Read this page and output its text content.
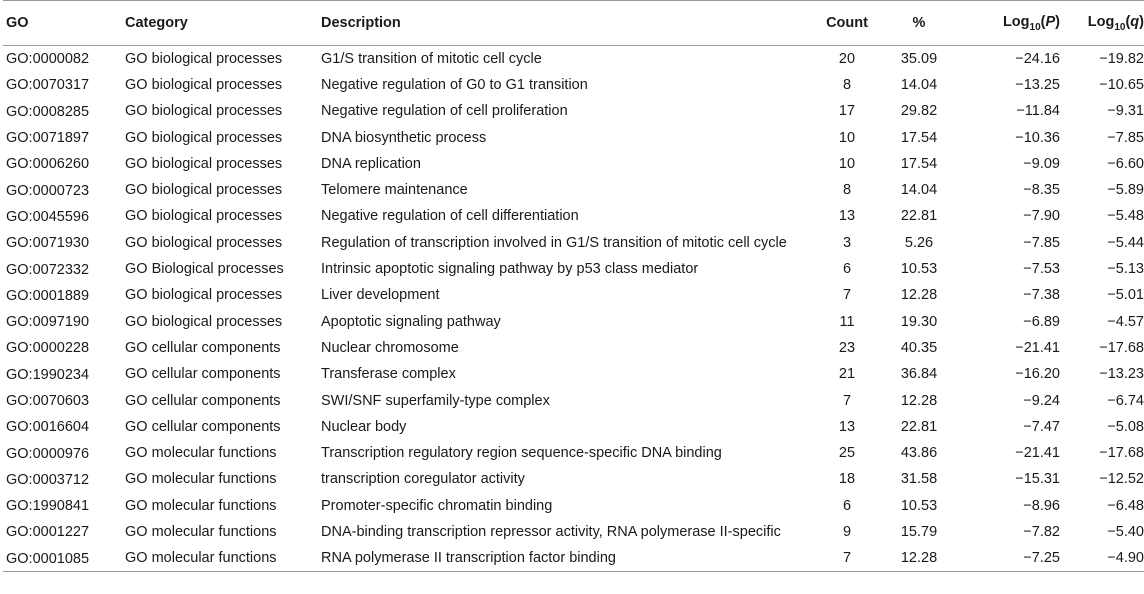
GO	Category	Description	Count	%	Log$_{10}$(P)	Log$_{10}$(q)
GO:0000082	GO biological processes	G1/S transition of mitotic cell cycle	20	35.09	−24.16	−19.82
GO:0070317	GO biological processes	Negative regulation of G0 to G1 transition	8	14.04	−13.25	−10.65
GO:0008285	GO biological processes	Negative regulation of cell proliferation	17	29.82	−11.84	−9.31
GO:0071897	GO biological processes	DNA biosynthetic process	10	17.54	−10.36	−7.85
GO:0006260	GO biological processes	DNA replication	10	17.54	−9.09	−6.60
GO:0000723	GO biological processes	Telomere maintenance	8	14.04	−8.35	−5.89
GO:0045596	GO biological processes	Negative regulation of cell differentiation	13	22.81	−7.90	−5.48
GO:0071930	GO biological processes	Regulation of transcription involved in G1/S transition of mitotic cell cycle	3	5.26	−7.85	−5.44
GO:0072332	GO Biological processes	Intrinsic apoptotic signaling pathway by p53 class mediator	6	10.53	−7.53	−5.13
GO:0001889	GO biological processes	Liver development	7	12.28	−7.38	−5.01
GO:0097190	GO biological processes	Apoptotic signaling pathway	11	19.30	−6.89	−4.57
GO:0000228	GO cellular components	Nuclear chromosome	23	40.35	−21.41	−17.68
GO:1990234	GO cellular components	Transferase complex	21	36.84	−16.20	−13.23
GO:0070603	GO cellular components	SWI/SNF superfamily-type complex	7	12.28	−9.24	−6.74
GO:0016604	GO cellular components	Nuclear body	13	22.81	−7.47	−5.08
GO:0000976	GO molecular functions	Transcription regulatory region sequence-specific DNA binding	25	43.86	−21.41	−17.68
GO:0003712	GO molecular functions	transcription coregulator activity	18	31.58	−15.31	−12.52
GO:1990841	GO molecular functions	Promoter-specific chromatin binding	6	10.53	−8.96	−6.48
GO:0001227	GO molecular functions	DNA-binding transcription repressor activity, RNA polymerase II-specific	9	15.79	−7.82	−5.40
GO:0001085	GO molecular functions	RNA polymerase II transcription factor binding	7	12.28	−7.25	−4.90
